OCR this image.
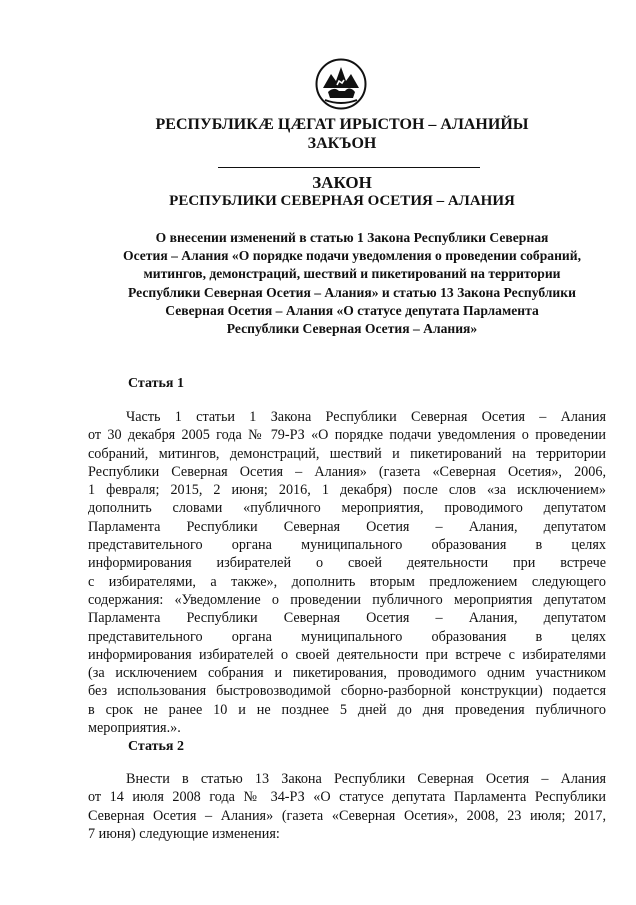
РЕСПУБЛИКӔ ЦӔГАТ ИРЫСТОН – АЛАНИЙЫ
ЗАКЪОН
ЗАКОН
РЕСПУБЛИКИ СЕВЕРНАЯ ОСЕТИЯ – АЛАНИЯ
О внесении изменений в статью 1 Закона Республики Северная
Осетия – Алания «О порядке подачи уведомления о проведении собраний,
митингов, демонстраций, шествий и пикетирований на территории
Республики Северная Осетия – Алания» и статью 13 Закона Республики
Северная Осетия – Алания «О статусе депутата Парламента
Республики Северная Осетия – Алания»
Статья 1
Часть 1 статьи 1 Закона Республики Северная Осетия – Алания
от 30 декабря 2005 года № 79-РЗ «О порядке подачи уведомления о проведении
собраний, митингов, демонстраций, шествий и пикетирований на территории
Республики Северная Осетия – Алания» (газета «Северная Осетия», 2006,
1 февраля; 2015, 2 июня; 2016, 1 декабря) после слов «за исключением»
дополнить словами «публичного мероприятия, проводимого депутатом
Парламента Республики Северная Осетия – Алания, депутатом
представительного органа муниципального образования в целях
информирования избирателей о своей деятельности при встрече
с избирателями, а также», дополнить вторым предложением следующего
содержания: «Уведомление о проведении публичного мероприятия депутатом
Парламента Республики Северная Осетия – Алания, депутатом
представительного органа муниципального образования в целях
информирования избирателей о своей деятельности при встрече с избирателями
(за исключением собрания и пикетирования, проводимого одним участником
без использования быстровозводимой сборно-разборной конструкции) подается
в срок не ранее 10 и не позднее 5 дней до дня проведения публичного
мероприятия.».
Статья 2
Внести в статью 13 Закона Республики Северная Осетия – Алания
от 14 июля 2008 года № 34-РЗ «О статусе депутата Парламента Республики
Северная Осетия – Алания» (газета «Северная Осетия», 2008, 23 июля; 2017,
7 июня) следующие изменения:
